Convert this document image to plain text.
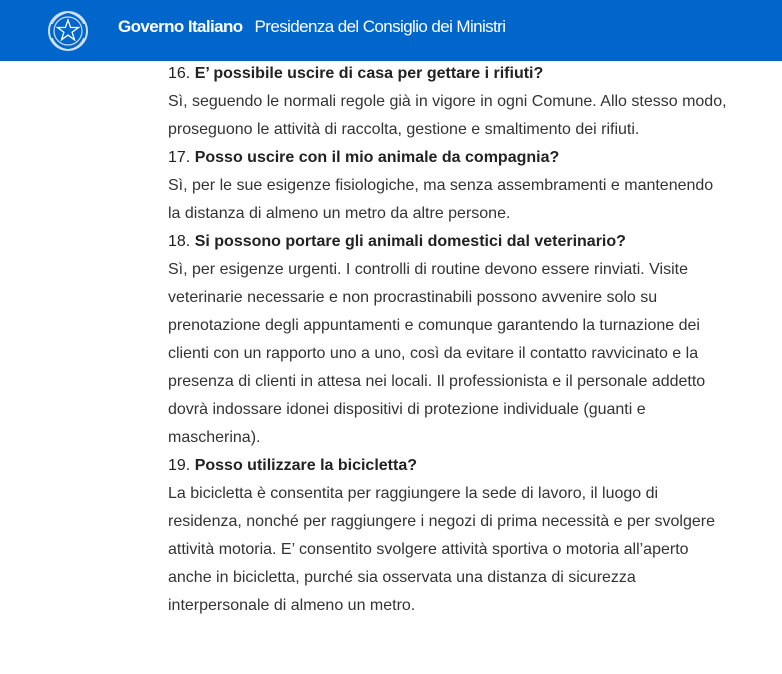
Governo Italiano Presidenza del Consiglio dei Ministri

16. E’ possibile uscire di casa per gettare i rifiuti?

Sì, seguendo le normali regole già in vigore in ogni Comune. Allo stesso modo, proseguono le attività di raccolta, gestione e smaltimento dei rifiuti.

17. Posso uscire con il mio animale da compagnia?

Sì, per le sue esigenze fisiologiche, ma senza assembramenti e mantenendo la distanza di almeno un metro da altre persone.

18. Si possono portare gli animali domestici dal veterinario?

Sì, per esigenze urgenti. I controlli di routine devono essere rinviati. Visite veterinarie necessarie e non procrastinabili possono avvenire solo su prenotazione degli appuntamenti e comunque garantendo la turnazione dei clienti con un rapporto uno a uno, così da evitare il contatto ravvicinato e la presenza di clienti in attesa nei locali. Il professionista e il personale addetto dovrà indossare idonei dispositivi di protezione individuale (guanti e mascherina).

19. Posso utilizzare la bicicletta?

La bicicletta è consentita per raggiungere la sede di lavoro, il luogo di residenza, nonché per raggiungere i negozi di prima necessità e per svolgere attività motoria. E’ consentito svolgere attività sportiva o motoria all’aperto anche in bicicletta, purché sia osservata una distanza di sicurezza interpersonale di almeno un metro.
